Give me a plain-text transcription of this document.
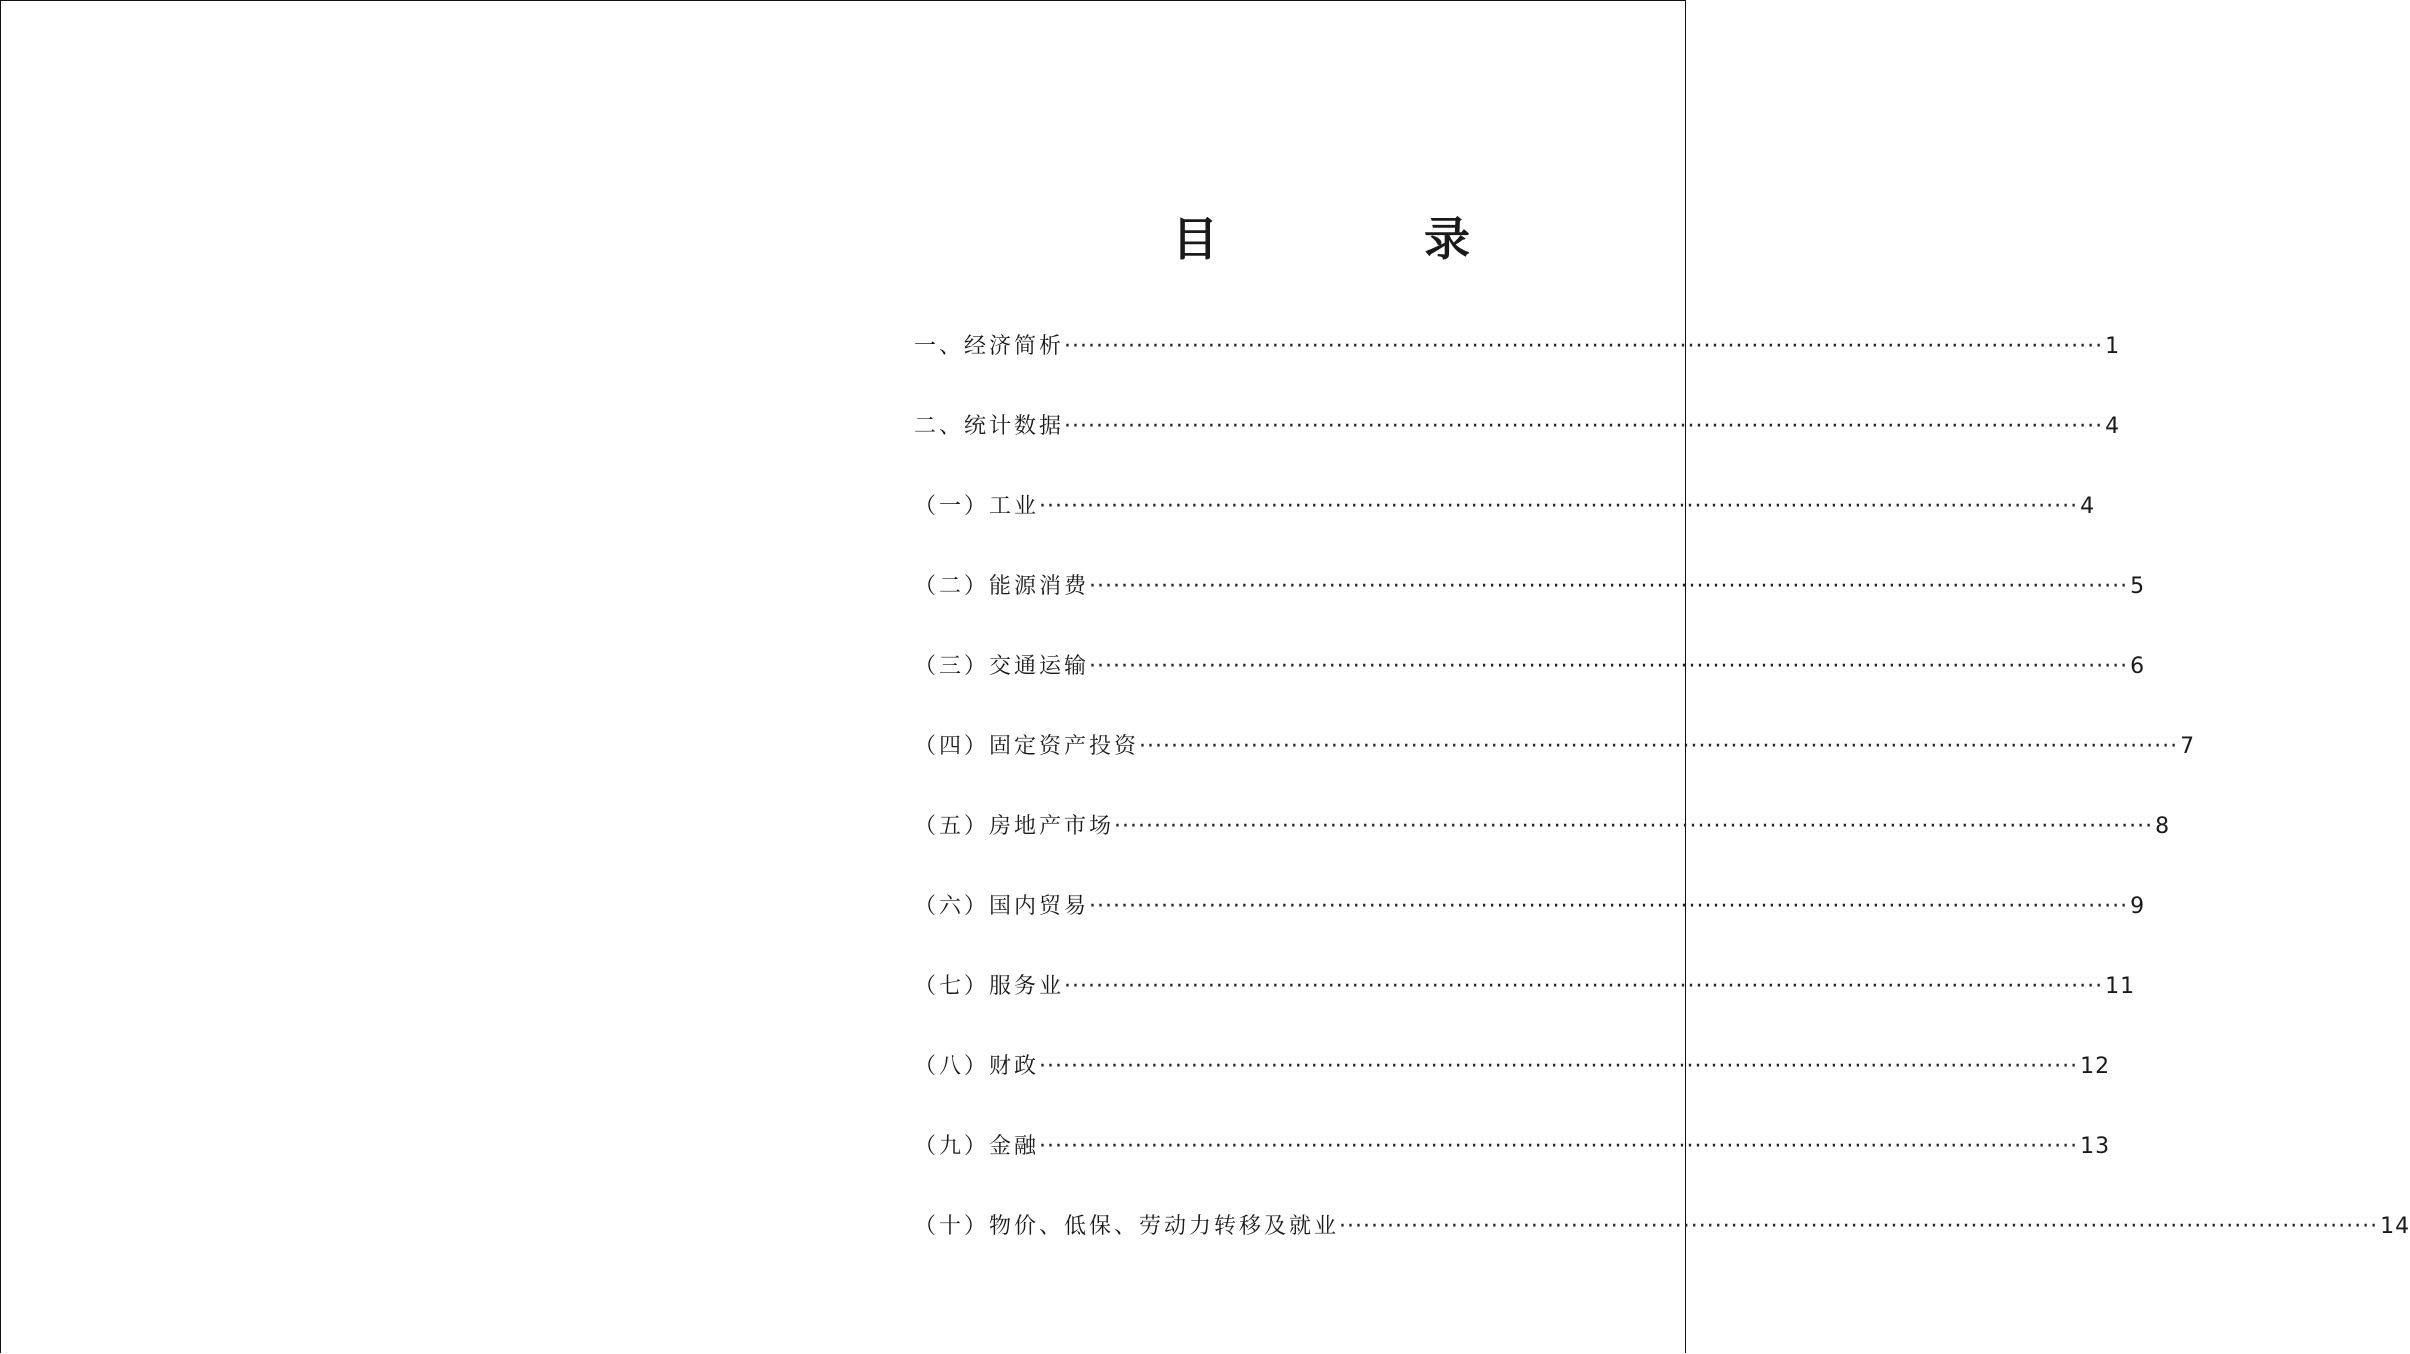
目　录
一、经济简析 ·································································································································· 1
二、统计数据 ·································································································································· 4
（一）工业 ·································································································································· 4
（二）能源消费 ·································································································································· 5
（三）交通运输 ·································································································································· 6
（四）固定资产投资 ·································································································································· 7
（五）房地产市场 ·································································································································· 8
（六）国内贸易 ·································································································································· 9
（七）服务业 ·································································································································· 11
（八）财政 ·································································································································· 12
（九）金融 ·································································································································· 13
（十）物价、低保、劳动力转移及就业 ·································································································································· 14
